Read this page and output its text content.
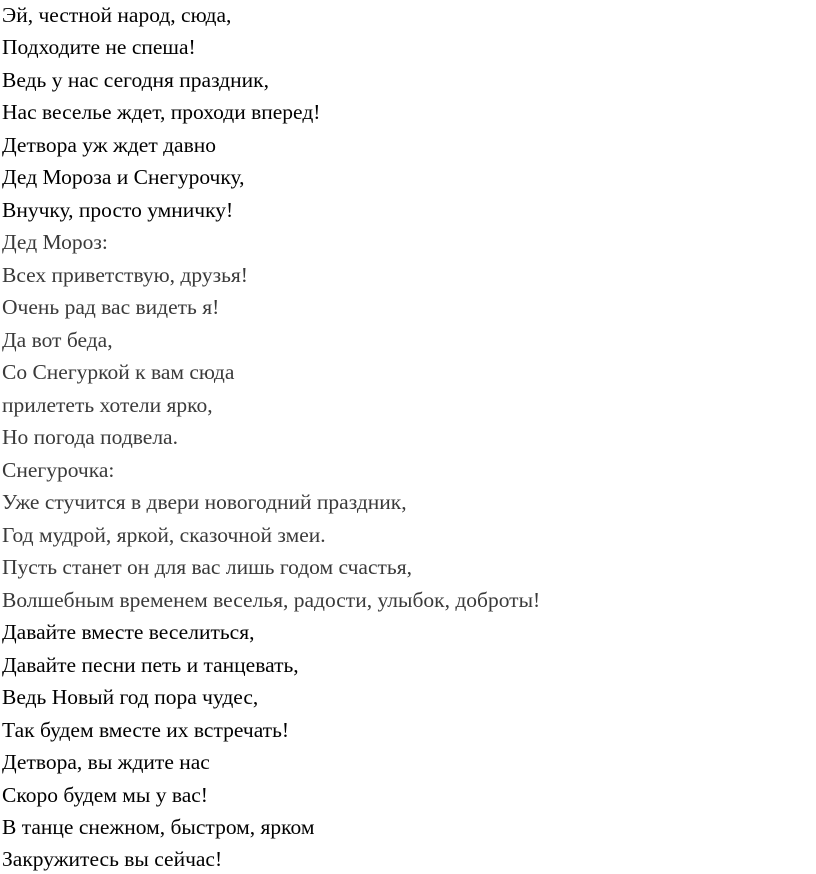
Эй, честной народ, сюда,
Подходите не спеша!
Ведь у нас сегодня праздник,
Нас веселье ждет, проходи вперед!
Детвора уж ждет давно
Дед Мороза и Снегурочку,
Внучку, просто умничку!
Дед Мороз:
Всех приветствую, друзья!
Очень рад вас видеть я!
Да вот беда,
Со Снегуркой к вам сюда
прилететь хотели ярко,
Но погода подвела.
Снегурочка:
Уже стучится в двери новогодний праздник,
Год мудрой, яркой, сказочной змеи.
Пусть станет он для вас лишь годом счастья,
Волшебным временем веселья, радости, улыбок, доброты!
Давайте вместе веселиться,
Давайте песни петь и танцевать,
Ведь Новый год пора чудес,
Так будем вместе их встречать!
Детвора, вы ждите нас
Скоро будем мы у вас!
В танце снежном, быстром, ярком
Закружитесь вы сейчас!
